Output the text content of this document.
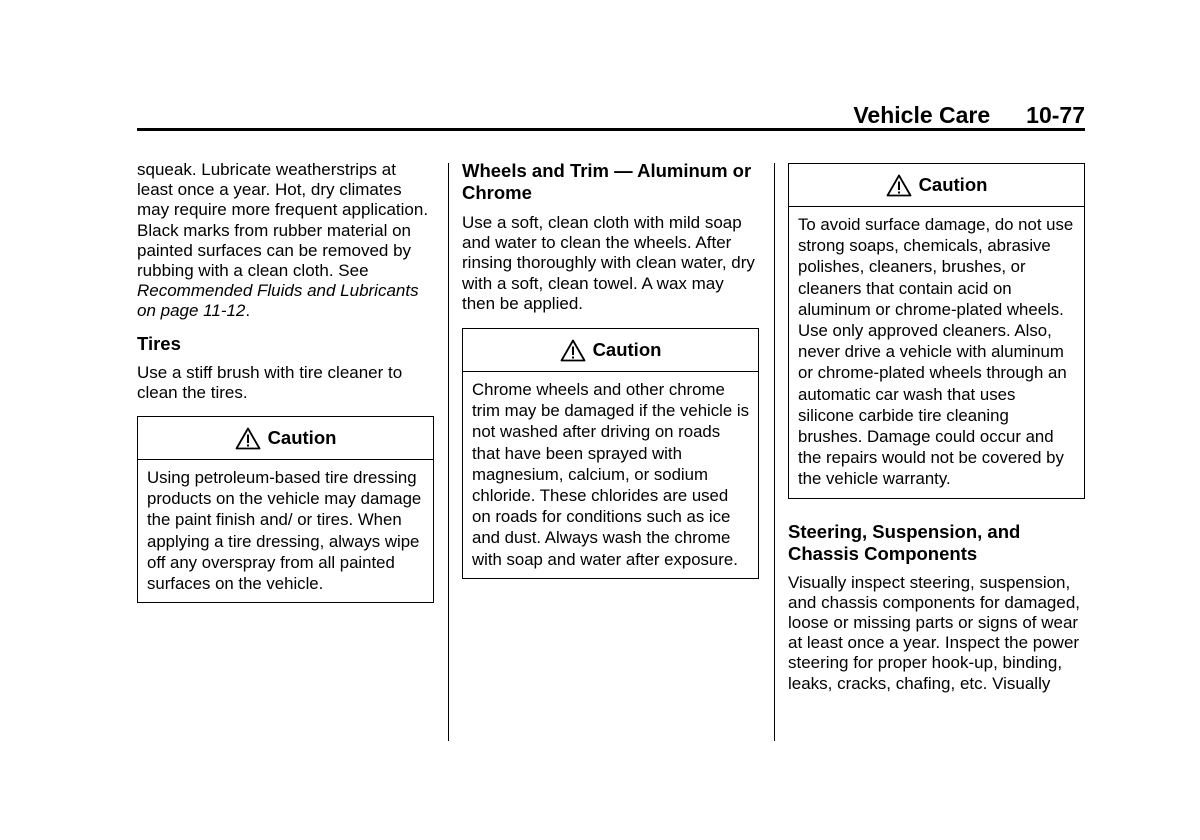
Vehicle Care 10-77

squeak. Lubricate weatherstrips at least once a year. Hot, dry climates may require more frequent application. Black marks from rubber material on painted surfaces can be removed by rubbing with a clean cloth. See Recommended Fluids and Lubricants on page 11-12.

Tires

Use a stiff brush with tire cleaner to clean the tires.

Caution
Using petroleum-based tire dressing products on the vehicle may damage the paint finish and/ or tires. When applying a tire dressing, always wipe off any overspray from all painted surfaces on the vehicle.
Wheels and Trim — Aluminum or Chrome

Use a soft, clean cloth with mild soap and water to clean the wheels. After rinsing thoroughly with clean water, dry with a soft, clean towel. A wax may then be applied.

Caution
Chrome wheels and other chrome trim may be damaged if the vehicle is not washed after driving on roads that have been sprayed with magnesium, calcium, or sodium chloride. These chlorides are used on roads for conditions such as ice and dust. Always wash the chrome with soap and water after exposure.
Caution
To avoid surface damage, do not use strong soaps, chemicals, abrasive polishes, cleaners, brushes, or cleaners that contain acid on aluminum or chrome-plated wheels. Use only approved cleaners. Also, never drive a vehicle with aluminum or chrome-plated wheels through an automatic car wash that uses silicone carbide tire cleaning brushes. Damage could occur and the repairs would not be covered by the vehicle warranty.
Steering, Suspension, and Chassis Components

Visually inspect steering, suspension, and chassis components for damaged, loose or missing parts or signs of wear at least once a year. Inspect the power steering for proper hook-up, binding, leaks, cracks, chafing, etc. Visually
